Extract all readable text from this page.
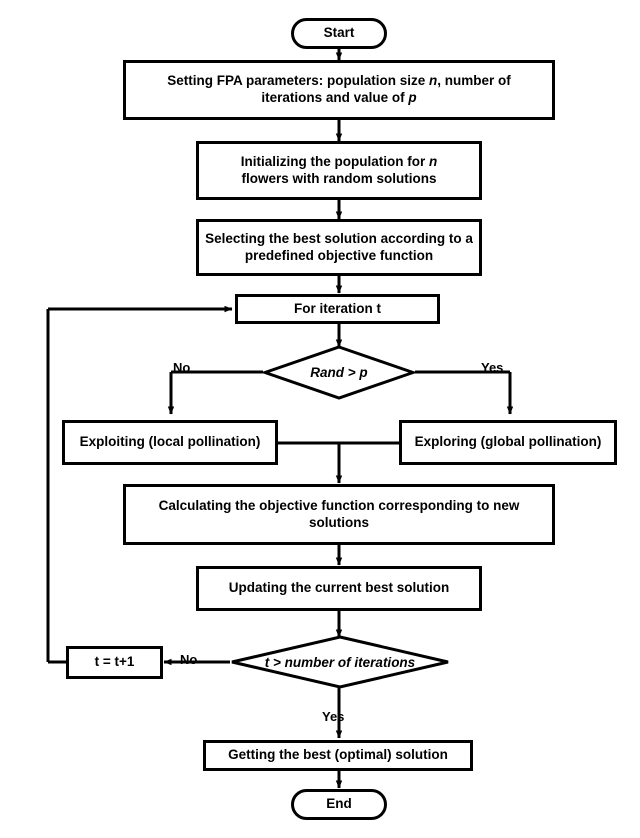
Start
Setting FPA parameters: population size n, number of
iterations and value of p
Initializing the population for n
flowers with random solutions
Selecting the best solution according to a predefined objective function
For iteration t
Rand > p
No	Yes
Exploiting (local pollination)	Exploring (global pollination)
Calculating the objective function corresponding to new solutions
Updating the current best solution
t = t+1	t > number of iterations
No
Yes
Getting the best (optimal) solution
End
